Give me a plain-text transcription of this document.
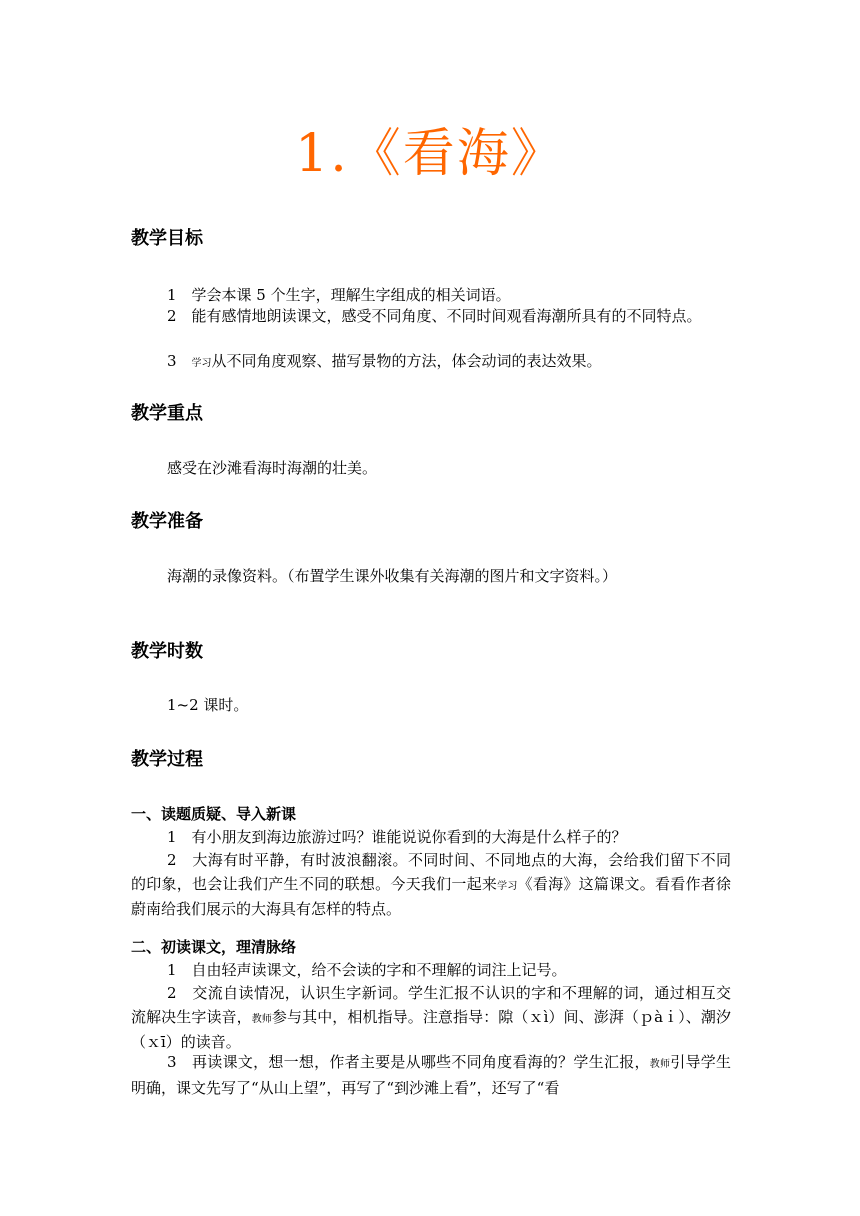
1.《看海》
教学目标
1　学会本课 5 个生字，理解生字组成的相关词语。
2　能有感情地朗读课文，感受不同角度、不同时间观看海潮所具有的不同特点。
3　学习从不同角度观察、描写景物的方法，体会动词的表达效果。
教学重点
感受在沙滩看海时海潮的壮美。
教学准备
海潮的录像资料。（布置学生课外收集有关海潮的图片和文字资料。）
教学时数
1~2 课时。
教学过程
一、读题质疑、导入新课
1　有小朋友到海边旅游过吗？谁能说说你看到的大海是什么样子的？
2　大海有时平静，有时波浪翻滚。不同时间、不同地点的大海，会给我们留下不同的印象，也会让我们产生不同的联想。今天我们一起来学习《看海》这篇课文。看看作者徐蔚南给我们展示的大海具有怎样的特点。
二、初读课文，理清脉络
1　自由轻声读课文，给不会读的字和不理解的词注上记号。
2　交流自读情况，认识生字新词。学生汇报不认识的字和不理解的词，通过相互交流解决生字读音，教师参与其中，相机指导。注意指导：隙（ｘì）间、澎湃（ｐàｉ）、潮汐（ｘī）的读音。
3　再读课文，想一想，作者主要是从哪些不同角度看海的？学生汇报，教师引导学生明确，课文先写了“从山上望”，再写了“到沙滩上看”，还写了“看
